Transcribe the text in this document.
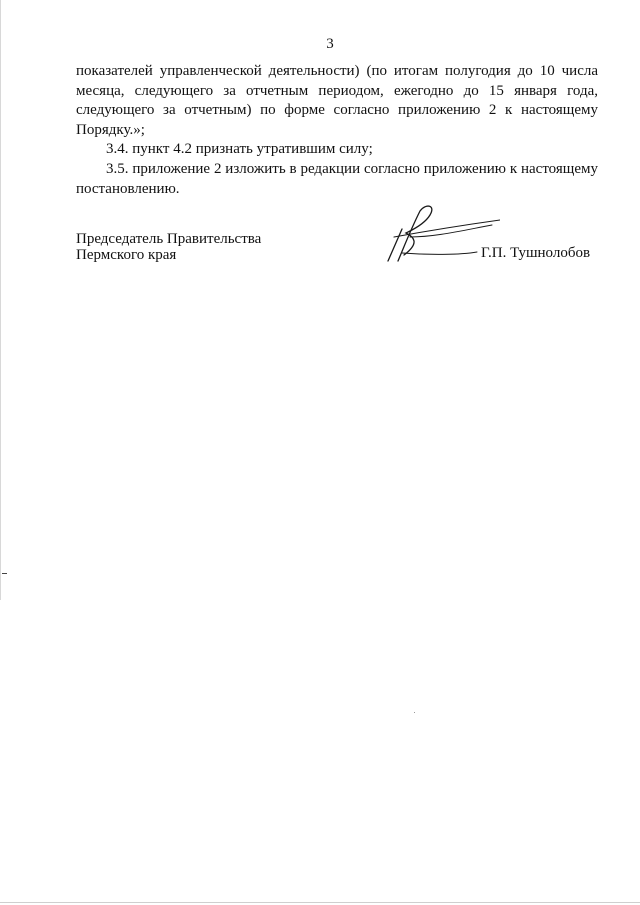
3

показателей управленческой деятельности) (по итогам полугодия до 10 числа месяца, следующего за отчетным периодом, ежегодно до 15 января года, следующего за отчетным) по форме согласно приложению 2 к настоящему Порядку.»;

3.4. пункт 4.2 признать утратившим силу;

3.5. приложение 2 изложить в редакции согласно приложению к настоящему постановлению.

Председатель Правительства
Пермского края	Г.П. Тушнолобов
